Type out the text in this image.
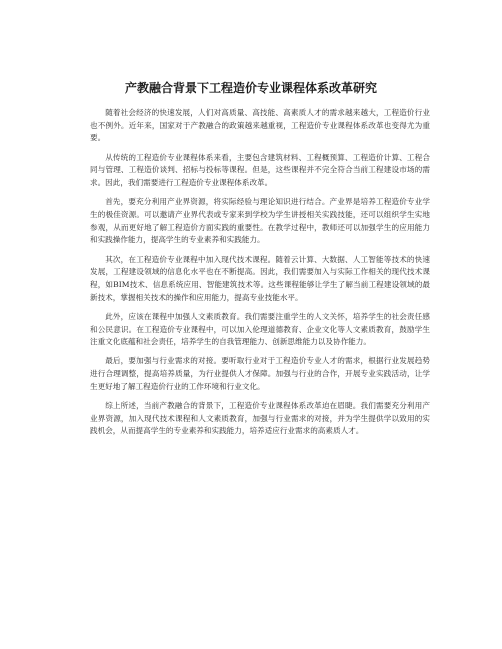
产教融合背景下工程造价专业课程体系改革研究

随着社会经济的快速发展，人们对高质量、高技能、高素质人才的需求越来越大，工程造价行业也不例外。近年来，国家对于产教融合的政策越来越重视，工程造价专业课程体系改革也变得尤为重要。

从传统的工程造价专业课程体系来看，主要包含建筑材料、工程概预算、工程造价计算、工程合同与管理、工程造价谈判、招标与投标等课程。但是，这些课程并不完全符合当前工程建设市场的需求。因此，我们需要进行工程造价专业课程体系改革。

首先，要充分利用产业界资源，将实际经验与理论知识进行结合。产业界是培养工程造价专业学生的极佳资源。可以邀请产业界代表或专家来到学校为学生讲授相关实践技能，还可以组织学生实地参观，从而更好地了解工程造价方面实践的重要性。在教学过程中，教师还可以加强学生的应用能力和实践操作能力，提高学生的专业素养和实践能力。

其次，在工程造价专业课程中加入现代技术课程。随着云计算、大数据、人工智能等技术的快速发展，工程建设领域的信息化水平也在不断提高。因此，我们需要加入与实际工作相关的现代技术课程，如BIM技术、信息系统应用、智能建筑技术等。这些课程能够让学生了解当前工程建设领域的最新技术，掌握相关技术的操作和应用能力，提高专业技能水平。

此外，应该在课程中加强人文素质教育。我们需要注重学生的人文关怀，培养学生的社会责任感和公民意识。在工程造价专业课程中，可以加入伦理道德教育、企业文化等人文素质教育，鼓励学生注重文化底蕴和社会责任，培养学生的自我管理能力、创新思维能力以及协作能力。

最后，要加强与行业需求的对接。要听取行业对于工程造价专业人才的需求，根据行业发展趋势进行合理调整，提高培养质量，为行业提供人才保障。加强与行业的合作，开展专业实践活动，让学生更好地了解工程造价行业的工作环境和行业文化。

综上所述，当前产教融合的背景下，工程造价专业课程体系改革迫在眉睫。我们需要充分利用产业界资源，加入现代技术课程和人文素质教育，加强与行业需求的对接，并为学生提供学以致用的实践机会，从而提高学生的专业素养和实践能力，培养适应行业需求的高素质人才。
